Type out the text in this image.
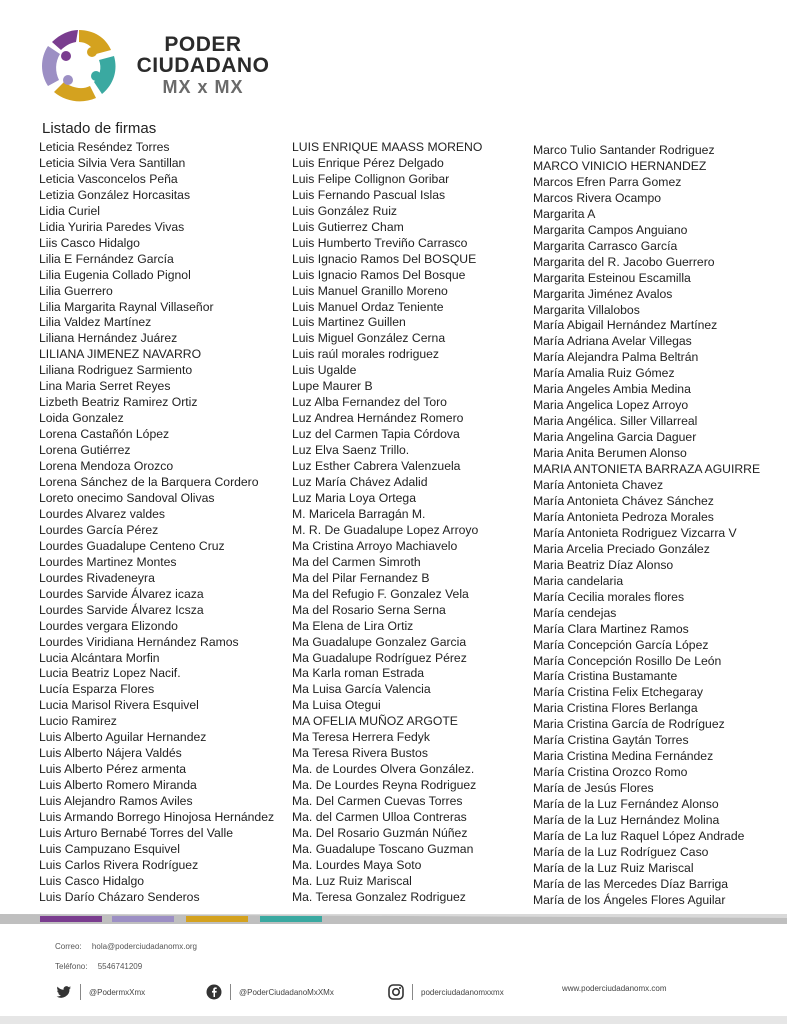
PODER
CIUDADANO
MX x MX
Listado de firmas
Leticia Reséndez Torres
Leticia Silvia Vera Santillan
Leticia Vasconcelos Peña
Letizia González Horcasitas
Lidia Curiel
Lidia Yuriria Paredes Vivas
Liis Casco Hidalgo
Lilia E Fernández García
Lilia Eugenia Collado Pignol
Lilia Guerrero
Lilia Margarita Raynal Villaseñor
Lilia Valdez Martínez
Liliana Hernández Juárez
LILIANA JIMENEZ NAVARRO
Liliana Rodriguez Sarmiento
Lina Maria Serret Reyes
Lizbeth Beatriz Ramirez Ortiz
Loida Gonzalez
Lorena Castañón López
Lorena Gutiérrez
Lorena Mendoza Orozco
Lorena Sánchez de la Barquera Cordero
Loreto onecimo Sandoval Olivas
Lourdes Alvarez valdes
Lourdes García Pérez
Lourdes Guadalupe Centeno Cruz
Lourdes Martinez Montes
Lourdes Rivadeneyra
Lourdes Sarvide Álvarez icaza
Lourdes Sarvide Álvarez Icsza
Lourdes vergara Elizondo
Lourdes Viridiana Hernández Ramos
Lucia Alcántara Morfin
Lucia Beatriz Lopez Nacif.
Lucía Esparza Flores
Lucia Marisol Rivera Esquivel
Lucio Ramirez
Luis Alberto Aguilar Hernandez
Luis Alberto Nájera Valdés
Luis Alberto Pérez armenta
Luis Alberto Romero Miranda
Luis Alejandro Ramos Aviles
Luis Armando Borrego Hinojosa Hernández
Luis Arturo Bernabé Torres del Valle
Luis Campuzano Esquivel
Luis Carlos Rivera Rodríguez
Luis Casco Hidalgo
Luis Darío Cházaro Senderos
LUIS ENRIQUE MAASS MORENO
Luis Enrique Pérez Delgado
Luis Felipe Collignon Goribar
Luis Fernando Pascual Islas
Luis González Ruiz
Luis Gutierrez Cham
Luis Humberto Treviño Carrasco
Luis Ignacio Ramos Del BOSQUE
Luis Ignacio Ramos Del Bosque
Luis Manuel Granillo Moreno
Luis Manuel Ordaz Teniente
Luis Martinez Guillen
Luis Miguel González Cerna
Luis raúl morales rodriguez
Luis Ugalde
Lupe Maurer B
Luz Alba Fernandez del Toro
Luz Andrea Hernández Romero
Luz del Carmen Tapia Córdova
Luz Elva Saenz Trillo.
Luz Esther Cabrera Valenzuela
Luz María Chávez Adalid
Luz Maria Loya Ortega
M. Maricela Barragán M.
M. R. De Guadalupe Lopez Arroyo
Ma Cristina Arroyo Machiavelo
Ma del Carmen Simroth
Ma del Pilar Fernandez B
Ma del Refugio F. Gonzalez Vela
Ma del Rosario Serna Serna
Ma Elena de Lira Ortiz
Ma Guadalupe Gonzalez Garcia
Ma Guadalupe Rodríguez Pérez
Ma Karla roman Estrada
Ma Luisa García Valencia
Ma Luisa Otegui
MA OFELIA MUÑOZ ARGOTE
Ma Teresa Herrera Fedyk
Ma Teresa Rivera Bustos
Ma. de Lourdes Olvera González.
Ma. De Lourdes Reyna Rodriguez
Ma. Del Carmen Cuevas Torres
Ma. del Carmen Ulloa Contreras
Ma. Del Rosario Guzmán Núñez
Ma. Guadalupe Toscano Guzman
Ma. Lourdes Maya Soto
Ma. Luz Ruiz Mariscal
Ma. Teresa Gonzalez Rodriguez
Marco Tulio Santander Rodriguez
MARCO VINICIO HERNANDEZ
Marcos Efren Parra Gomez
Marcos Rivera Ocampo
Margarita A
Margarita Campos Anguiano
Margarita Carrasco García
Margarita del R. Jacobo Guerrero
Margarita Esteinou Escamilla
Margarita Jiménez Avalos
Margarita Villalobos
María Abigail Hernández Martínez
María Adriana Avelar Villegas
María Alejandra Palma Beltrán
María Amalia Ruiz Gómez
Maria Angeles Ambia Medina
Maria Angelica Lopez Arroyo
Maria Angélica. Siller Villarreal
Maria Angelina Garcia Daguer
Maria Anita Berumen Alonso
MARIA ANTONIETA BARRAZA AGUIRRE
María Antonieta Chavez
María Antonieta Chávez Sánchez
María Antonieta Pedroza Morales
María Antonieta Rodriguez Vizcarra V
Maria Arcelia Preciado González
Maria Beatriz Díaz Alonso
Maria candelaria
María Cecilia morales flores
María cendejas
María Clara Martinez Ramos
María Concepción García López
María Concepción Rosillo De León
María Cristina Bustamante
María Cristina Felix Etchegaray
Maria Cristina Flores Berlanga
Maria Cristina García de Rodríguez
María Cristina Gaytán Torres
Maria Cristina Medina Fernández
María Cristina Orozco Romo
María de Jesús Flores
María de la Luz Fernández Alonso
María de la Luz Hernández Molina
María de La luz Raquel López Andrade
María de la Luz Rodríguez Caso
María de la Luz Ruiz Mariscal
María de las Mercedes Díaz Barriga
María de los Ángeles Flores Aguilar
Correo: hola@poderciudadanomx.org
Teléfono: 5546741209
@PodermxXmx	@PoderCiudadanoMxXMx	poderciudadanomxxmx	www.poderciudadanomx.com
